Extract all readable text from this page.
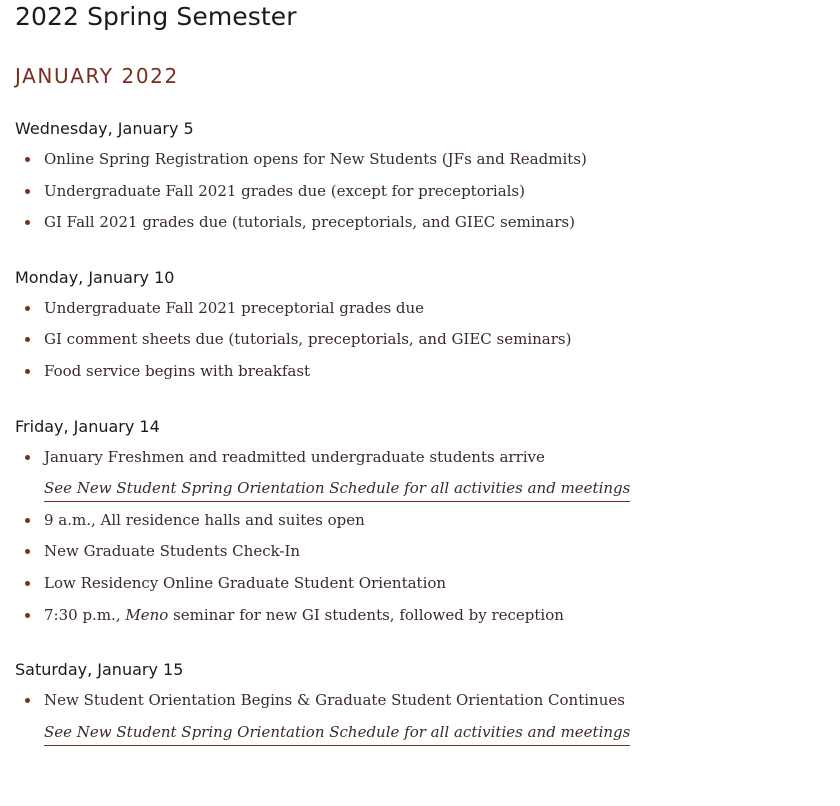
2022 Spring Semester
JANUARY 2022
Wednesday, January 5
Online Spring Registration opens for New Students (JFs and Readmits)
Undergraduate Fall 2021 grades due (except for preceptorials)
GI Fall 2021 grades due (tutorials, preceptorials, and GIEC seminars)
Monday, January 10
Undergraduate Fall 2021 preceptorial grades due
GI comment sheets due (tutorials, preceptorials, and GIEC seminars)
Food service begins with breakfast
Friday, January 14
January Freshmen and readmitted undergraduate students arrive
See New Student Spring Orientation Schedule for all activities and meetings
9 a.m., All residence halls and suites open
New Graduate Students Check-In
Low Residency Online Graduate Student Orientation
7:30 p.m., Meno seminar for new GI students, followed by reception
Saturday, January 15
New Student Orientation Begins & Graduate Student Orientation Continues
See New Student Spring Orientation Schedule for all activities and meetings
